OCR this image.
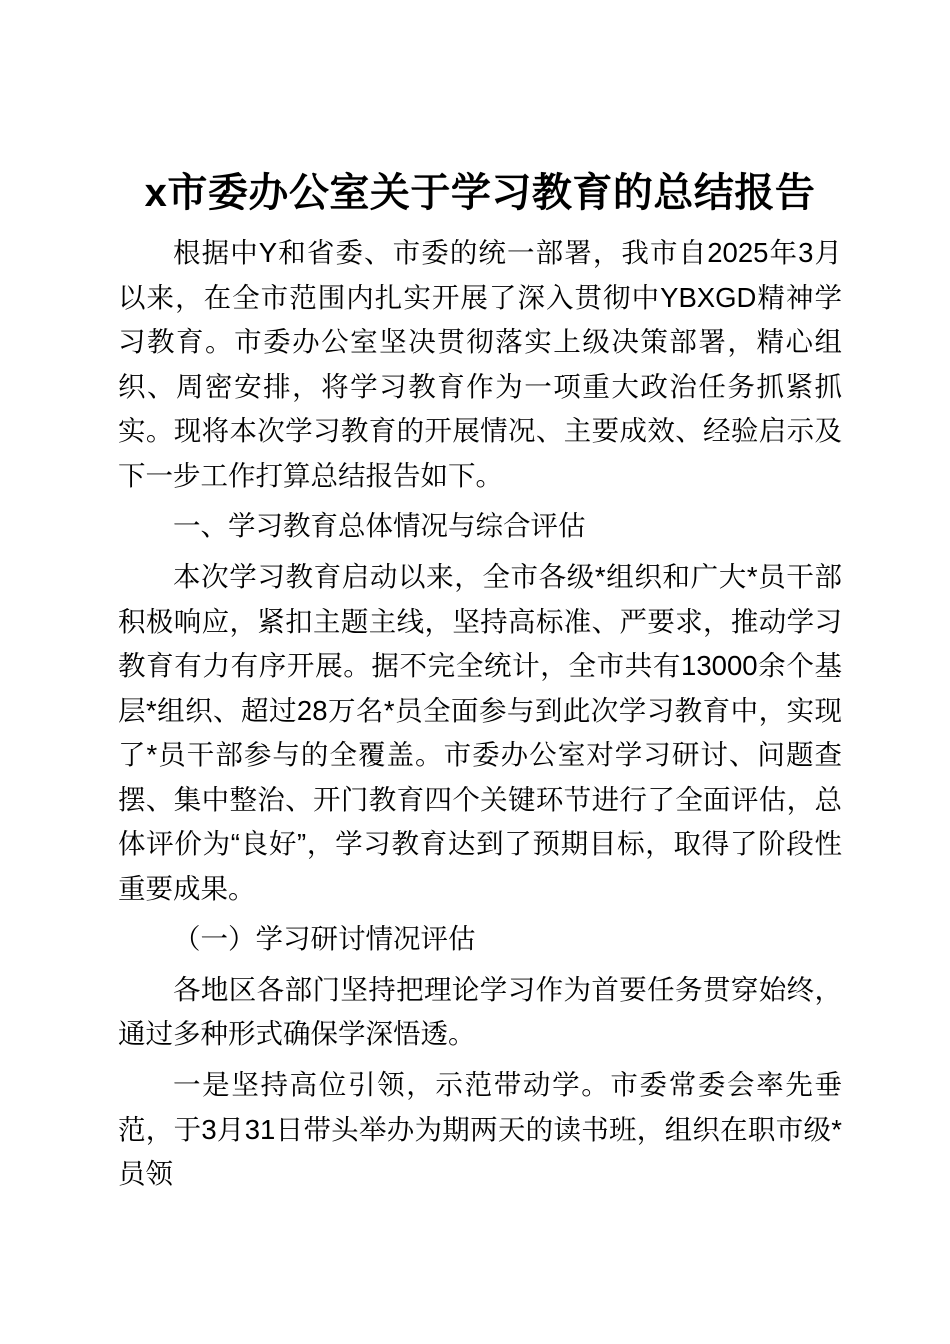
x市委办公室关于学习教育的总结报告

根据中Y和省委、市委的统一部署，我市自2025年3月以来，在全市范围内扎实开展了深入贯彻中YBXGD精神学习教育。市委办公室坚决贯彻落实上级决策部署，精心组织、周密安排，将学习教育作为一项重大政治任务抓紧抓实。现将本次学习教育的开展情况、主要成效、经验启示及下一步工作打算总结报告如下。

一、学习教育总体情况与综合评估

本次学习教育启动以来，全市各级*组织和广大*员干部积极响应，紧扣主题主线，坚持高标准、严要求，推动学习教育有力有序开展。据不完全统计，全市共有13000余个基层*组织、超过28万名*员全面参与到此次学习教育中，实现了*员干部参与的全覆盖。市委办公室对学习研讨、问题查摆、集中整治、开门教育四个关键环节进行了全面评估，总体评价为“良好”，学习教育达到了预期目标，取得了阶段性重要成果。

（一）学习研讨情况评估

各地区各部门坚持把理论学习作为首要任务贯穿始终，通过多种形式确保学深悟透。

一是坚持高位引领，示范带动学。市委常委会率先垂范，于3月31日带头举办为期两天的读书班，组织在职市级*员领
